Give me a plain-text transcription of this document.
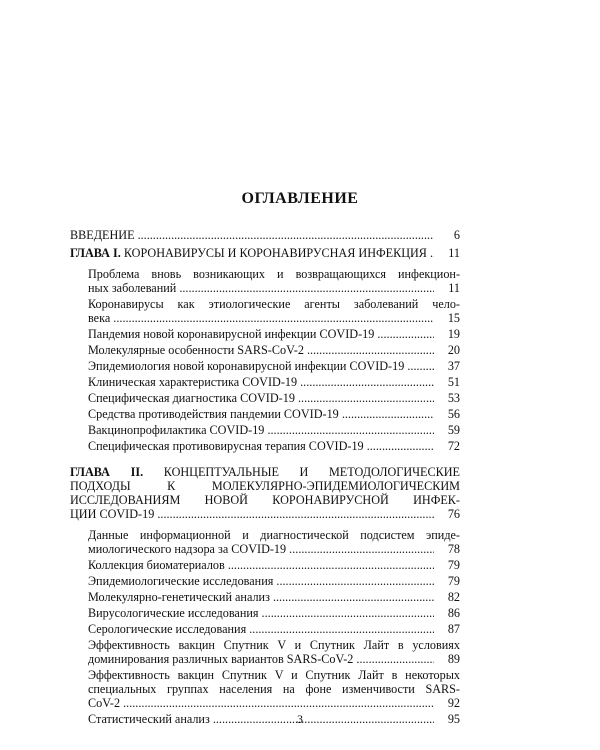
ОГЛАВЛЕНИЕ
ВВЕДЕНИЕ .....	6
ГЛАВА I. КОРОНАВИРУСЫ И КОРОНАВИРУСНАЯ ИНФЕКЦИЯ .....	11
Проблема вновь возникающих и возвращающихся инфекцион-
ных заболеваний .....	11
Коронавирусы как этиологические агенты заболеваний чело-
века .....	15
Пандемия новой коронавирусной инфекции COVID-19 .....	19
Молекулярные особенности SARS-CoV-2 .....	20
Эпидемиология новой коронавирусной инфекции COVID-19 .....	37
Клиническая характеристика COVID-19 .....	51
Специфическая диагностика COVID-19 .....	53
Средства противодействия пандемии COVID-19 .....	56
Вакцинопрофилактика COVID-19 .....	59
Специфическая противовирусная терапия COVID-19 .....	72
ГЛАВА II. КОНЦЕПТУАЛЬНЫЕ И МЕТОДОЛОГИЧЕСКИЕ
ПОДХОДЫ К МОЛЕКУЛЯРНО-ЭПИДЕМИОЛОГИЧЕСКИМ
ИССЛЕДОВАНИЯМ НОВОЙ КОРОНАВИРУСНОЙ ИНФЕК-
ЦИИ COVID-19 .....	76
Данные информационной и диагностической подсистем эпиде-
миологического надзора за COVID-19 .....	78
Коллекция биоматериалов .....	79
Эпидемиологические исследования .....	79
Молекулярно-генетический анализ .....	82
Вирусологические исследования .....	86
Серологические исследования .....	87
Эффективность вакцин Спутник V и Спутник Лайт в условиях
доминирования различных вариантов SARS-CoV-2 .....	89
Эффективность вакцин Спутник V и Спутник Лайт в некоторых
специальных группах населения на фоне изменчивости SARS-
CoV-2 .....	92
Статистический анализ .....	95
3
